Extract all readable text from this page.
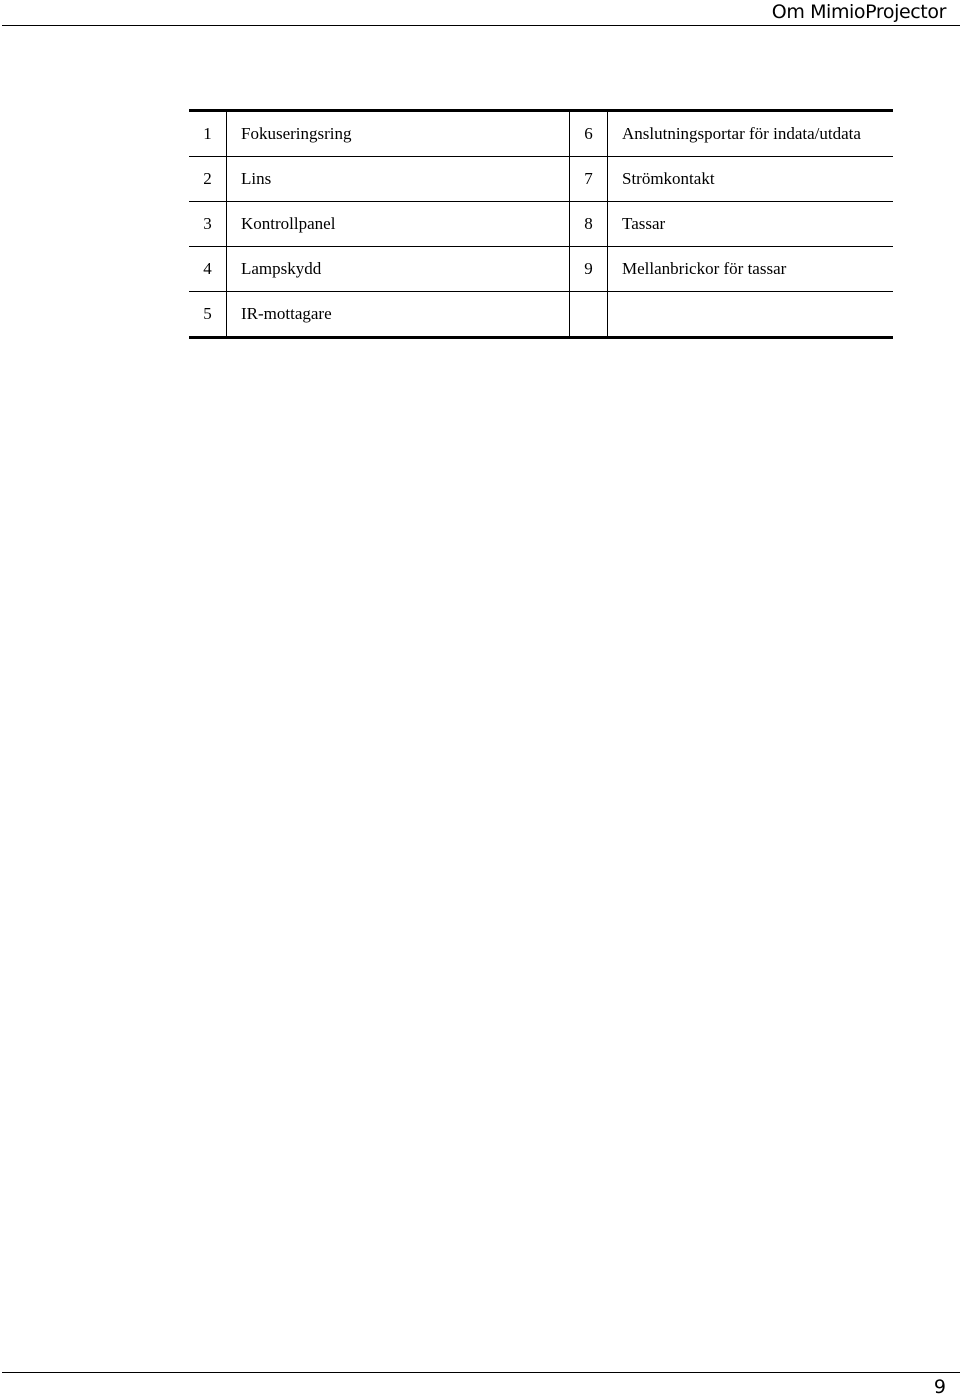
Om MimioProjector
1	Fokuseringsring	6	Anslutningsportar för indata/utdata
2	Lins	7	Strömkontakt
3	Kontrollpanel	8	Tassar
4	Lampskydd	9	Mellanbrickor för tassar
5	IR-mottagare		
9
